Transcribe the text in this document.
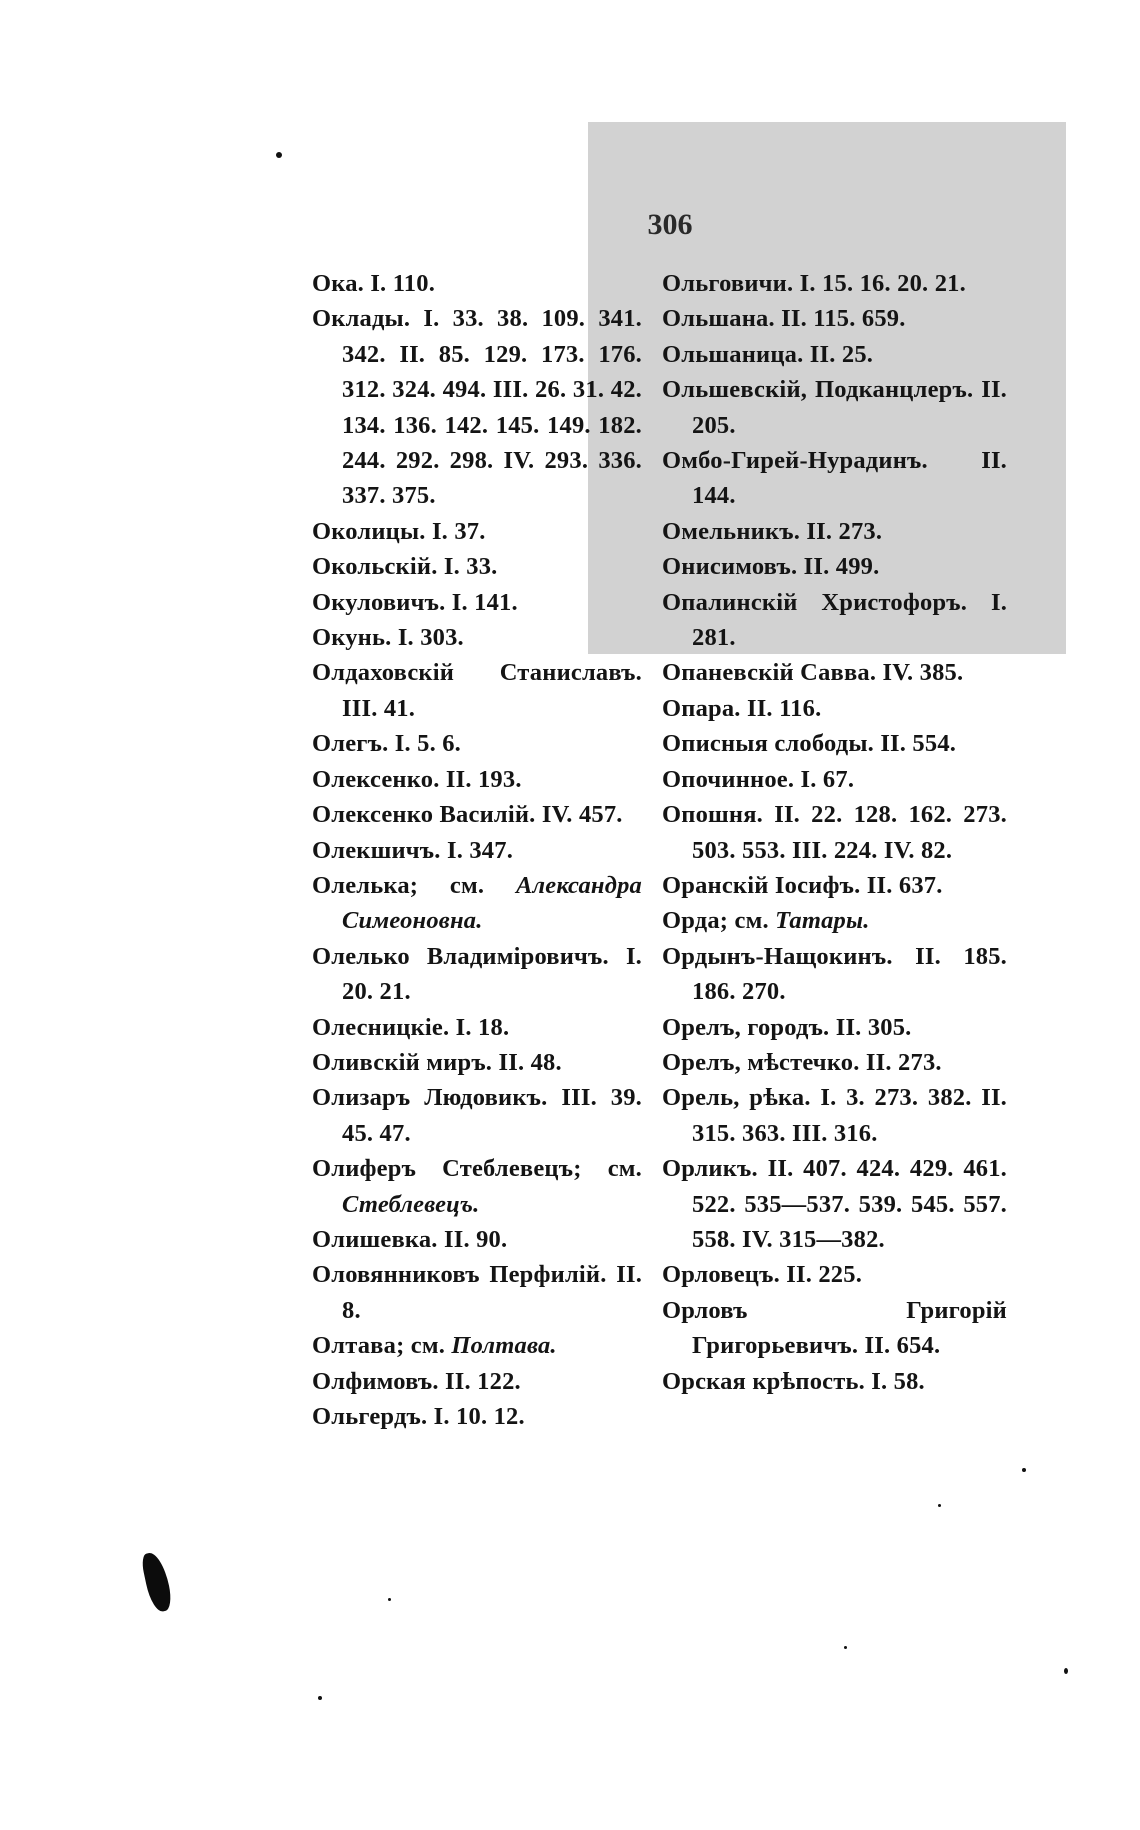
306
Ока. I. 110.
Оклады. I. 33. 38. 109. 341. 342. II. 85. 129. 173. 176. 312. 324. 494. III. 26. 31. 42. 134. 136. 142. 145. 149. 182. 244. 292. 298. IV. 293. 336. 337. 375.
Околицы. I. 37.
Окольскій. I. 33.
Окуловичъ. I. 141.
Окунь. I. 303.
Олдаховскій Станиславъ. III. 41.
Олегъ. I. 5. 6.
Олексенко. II. 193.
Олексенко Василій. IV. 457.
Олекшичъ. I. 347.
Олелька; см. Александра Симеоновна.
Олелько Владиміровичъ. I. 20. 21.
Олесницкіе. I. 18.
Оливскій миръ. II. 48.
Олизаръ Людовикъ. III. 39. 45. 47.
Олиферъ Стеблевецъ; см. Стеблевецъ.
Олишевка. II. 90.
Оловянниковъ Перфилій. II. 8.
Олтава; см. Полтава.
Олфимовъ. II. 122.
Ольгердъ. I. 10. 12.
Ольговичи. I. 15. 16. 20. 21.
Ольшана. II. 115. 659.
Ольшаница. II. 25.
Ольшевскій, Подканцлеръ. II. 205.
Омбо-Гирей-Нурадинъ. II. 144.
Омельникъ. II. 273.
Онисимовъ. II. 499.
Опалинскій Христофоръ. I. 281.
Опаневскій Савва. IV. 385.
Опара. II. 116.
Описныя слободы. II. 554.
Опочинное. I. 67.
Опошня. II. 22. 128. 162. 273. 503. 553. III. 224. IV. 82.
Оранскій Іосифъ. II. 637.
Орда; см. Татары.
Ордынъ-Нащокинъ. II. 185. 186. 270.
Орелъ, городъ. II. 305.
Орелъ, мѣстечко. II. 273.
Орель, рѣка. I. 3. 273. 382. II. 315. 363. III. 316.
Орликъ. II. 407. 424. 429. 461. 522. 535—537. 539. 545. 557. 558. IV. 315—382.
Орловецъ. II. 225.
Орловъ Григорій Григорьевичъ. II. 654.
Орская крѣпость. I. 58.
